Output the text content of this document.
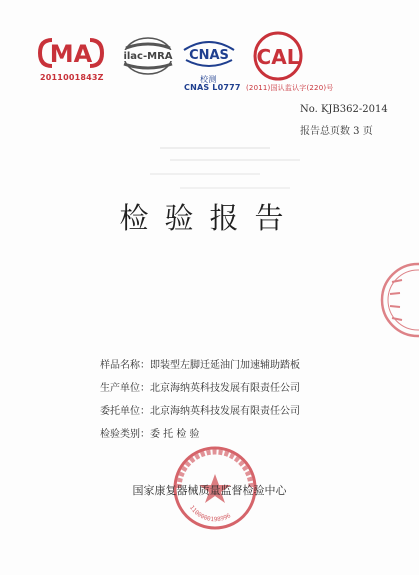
MA
2011001843Z
ilac-MRA CNAS
校测
CNAS L0777
CAL
(2011)国认监认字(220)号
No. KJB362-2014
报告总页数 3 页
检验报告
样品名称： 即装型左脚迁延油门加速辅助踏板
生产单位： 北京海纳英科技发展有限责任公司
委托单位： 北京海纳英科技发展有限责任公司
检验类别： 委 托 检 验
1100000198996
国家康复器械质量监督检验中心
